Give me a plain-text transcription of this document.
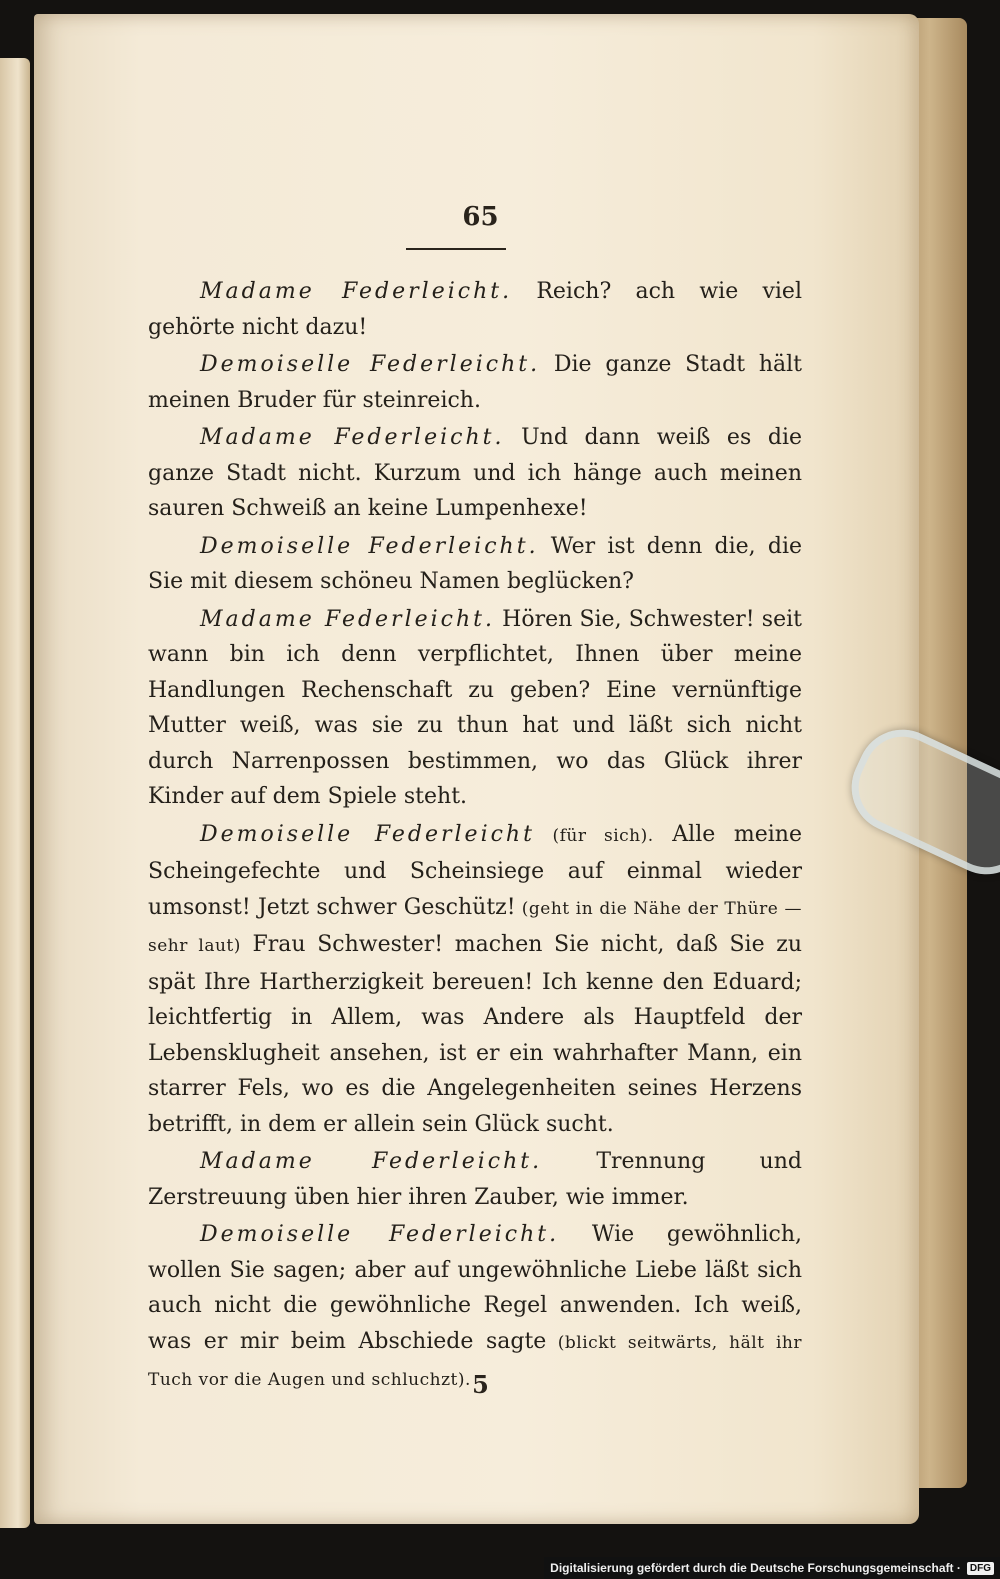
65

Madame Federleicht. Reich? ach wie viel gehörte nicht dazu!

Demoiselle Federleicht. Die ganze Stadt hält meinen Bruder für steinreich.

Madame Federleicht. Und dann weiß es die ganze Stadt nicht. Kurzum und ich hänge auch meinen sauren Schweiß an keine Lumpenhexe!

Demoiselle Federleicht. Wer ist denn die, die Sie mit diesem schöneu Namen beglücken?

Madame Federleicht. Hören Sie, Schwester! seit wann bin ich denn verpflichtet, Ihnen über meine Handlungen Rechenschaft zu geben? Eine vernünftige Mutter weiß, was sie zu thun hat und läßt sich nicht durch Narrenpossen bestimmen, wo das Glück ihrer Kinder auf dem Spiele steht.

Demoiselle Federleicht (für sich). Alle meine Scheingefechte und Scheinsiege auf einmal wieder umsonst! Jetzt schwer Geschütz! (geht in die Nähe der Thüre — sehr laut) Frau Schwester! machen Sie nicht, daß Sie zu spät Ihre Hartherzigkeit bereuen! Ich kenne den Eduard; leichtfertig in Allem, was Andere als Hauptfeld der Lebensklugheit ansehen, ist er ein wahrhafter Mann, ein starrer Fels, wo es die Angelegenheiten seines Herzens betrifft, in dem er allein sein Glück sucht.

Madame Federleicht. Trennung und Zerstreuung üben hier ihren Zauber, wie immer.

Demoiselle Federleicht. Wie gewöhnlich, wollen Sie sagen; aber auf ungewöhnliche Liebe läßt sich auch nicht die gewöhnliche Regel anwenden. Ich weiß, was er mir beim Abschiede sagte (blickt seitwärts, hält ihr Tuch vor die Augen und schluchzt). 5
Digitalisierung gefördert durch die Deutsche Forschungsgemeinschaft · DFG
